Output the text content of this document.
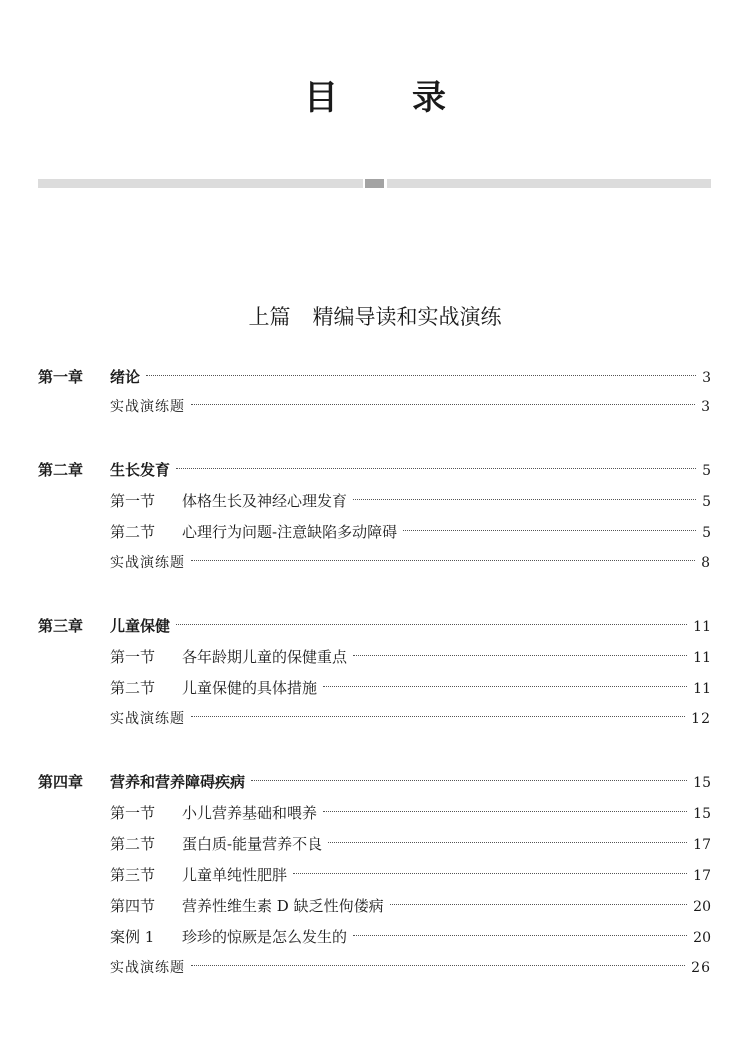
目 录
上篇 精编导读和实战演练
第一章	绪论	3
实战演练题	3
第二章	生长发育	5
第一节	体格生长及神经心理发育	5
第二节	心理行为问题-注意缺陷多动障碍	5
实战演练题	8
第三章	儿童保健	11
第一节	各年龄期儿童的保健重点	11
第二节	儿童保健的具体措施	11
实战演练题	12
第四章	营养和营养障碍疾病	15
第一节	小儿营养基础和喂养	15
第二节	蛋白质-能量营养不良	17
第三节	儿童单纯性肥胖	17
第四节	营养性维生素 D 缺乏性佝偻病	20
案例 1	珍珍的惊厥是怎么发生的	20
实战演练题	26
